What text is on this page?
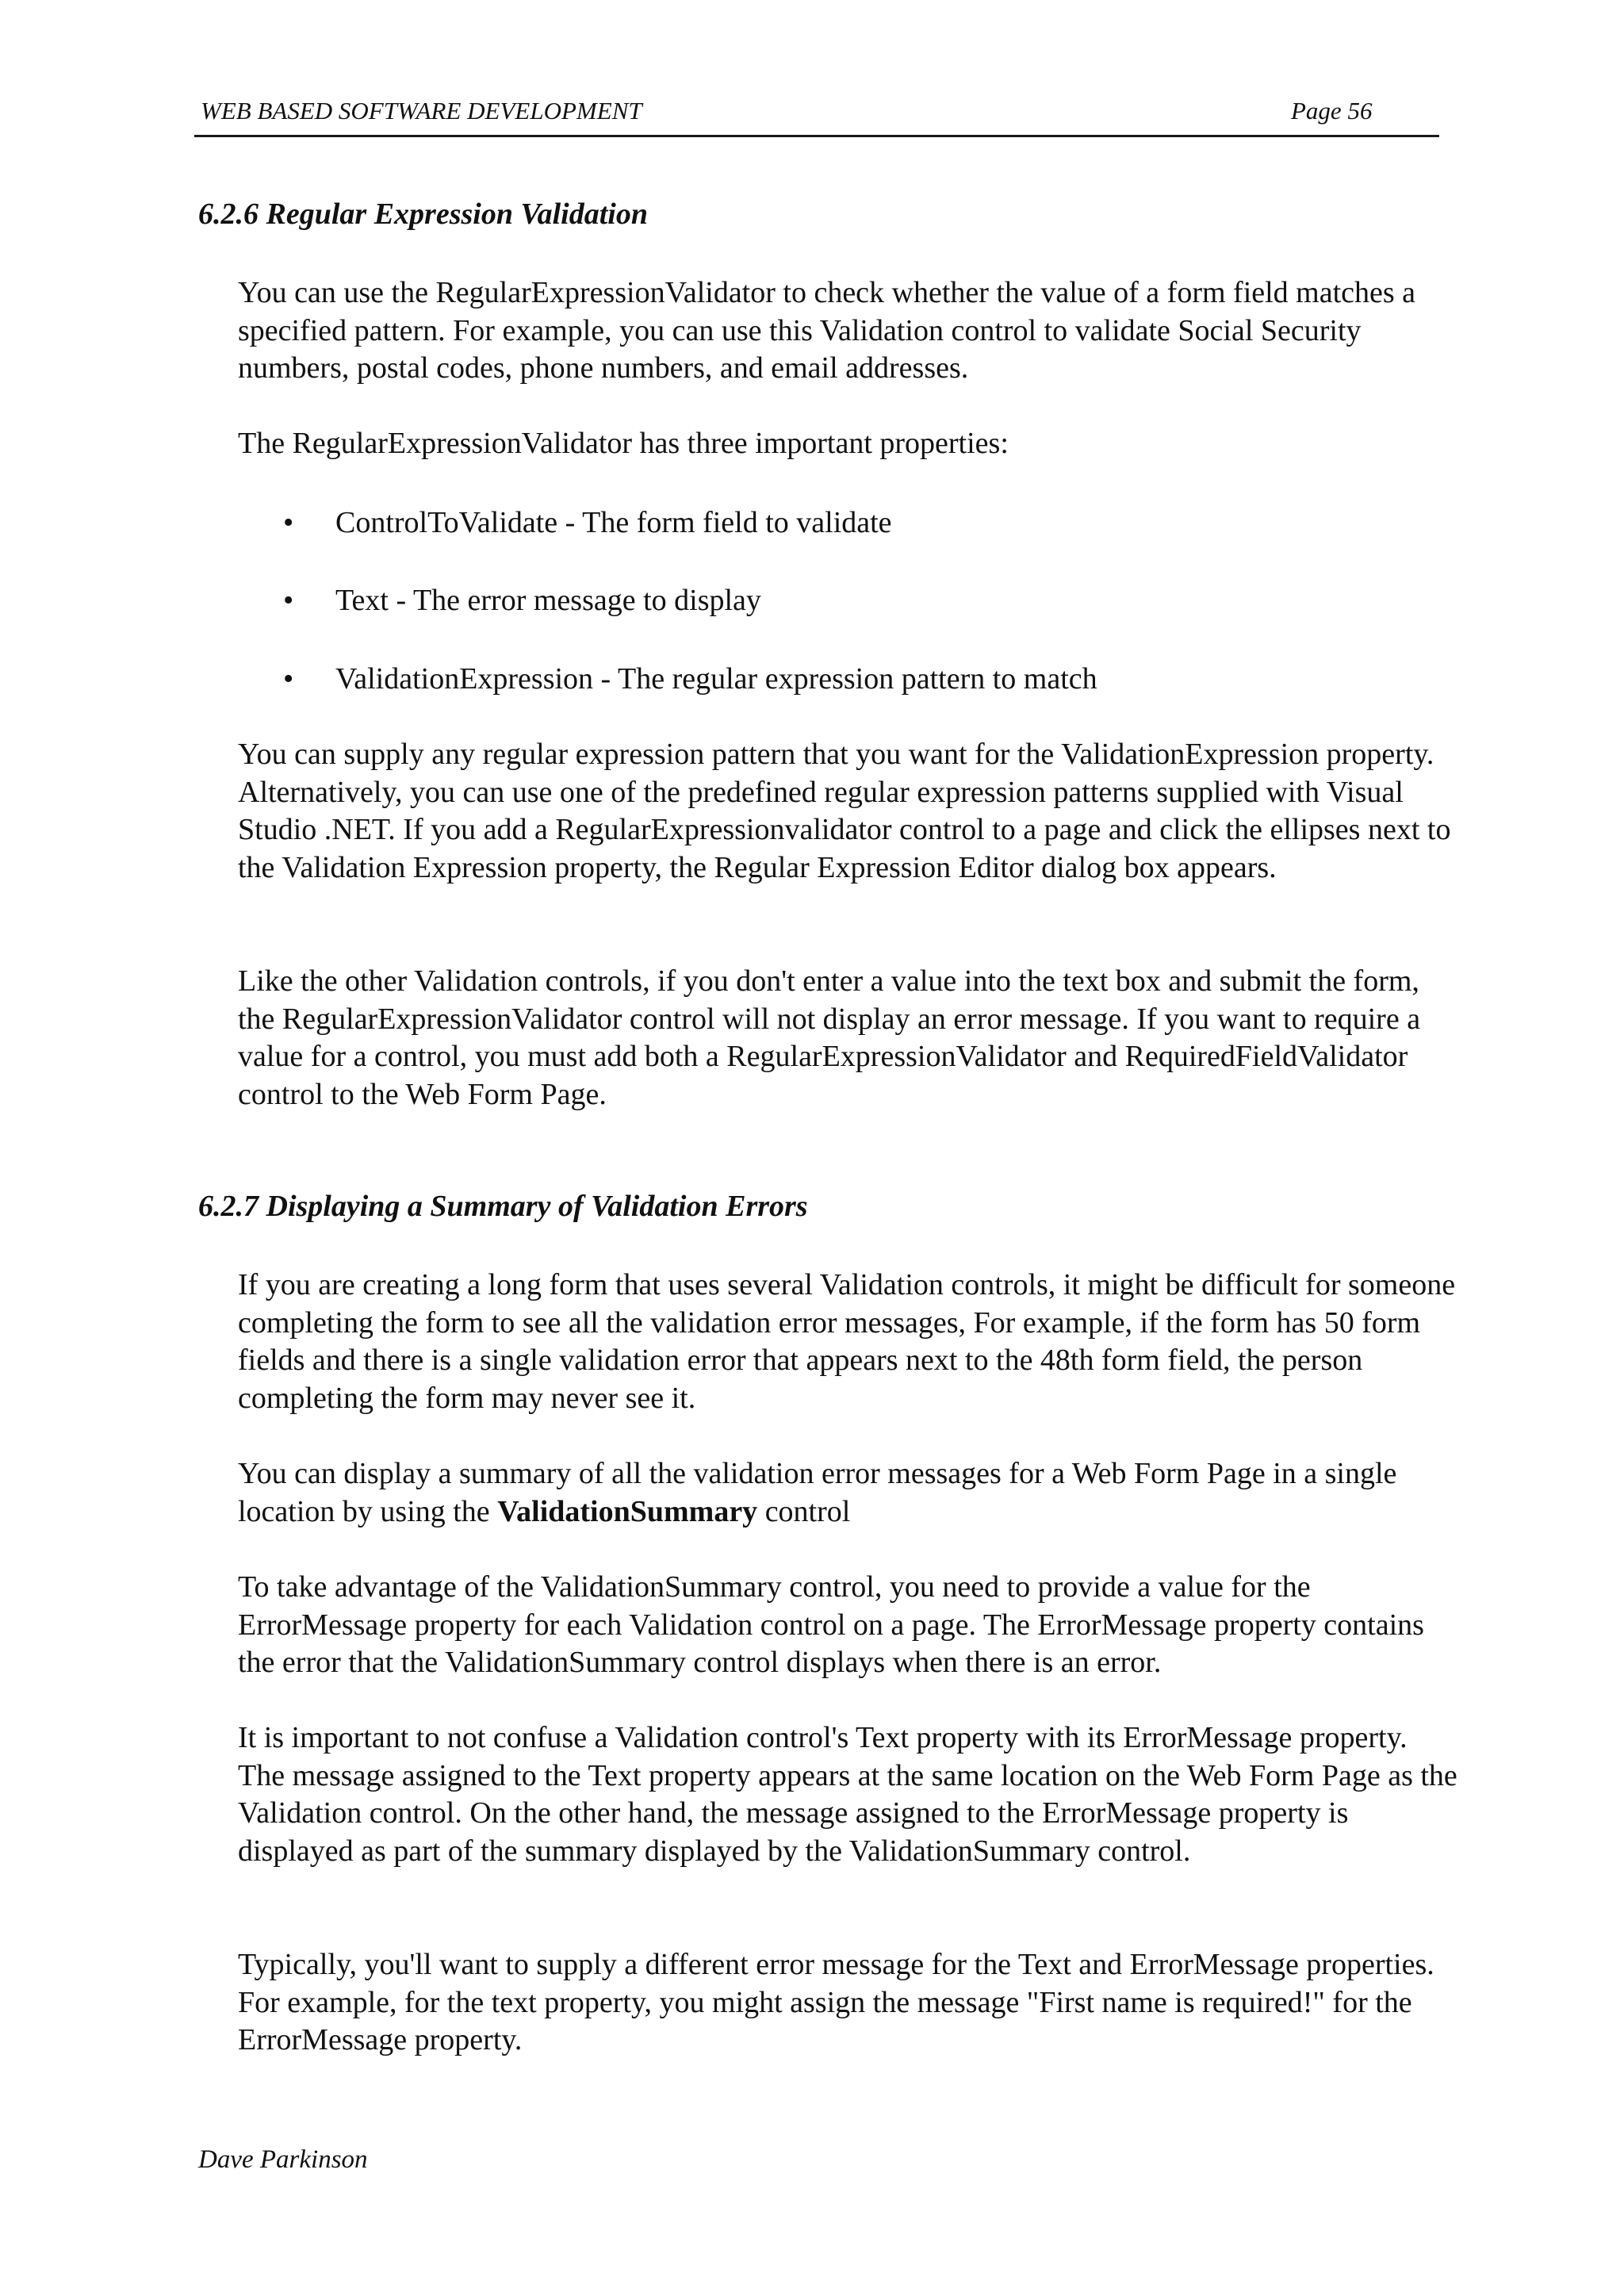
WEB BASED SOFTWARE DEVELOPMENT	Page 56
6.2.6 Regular Expression Validation

You can use the RegularExpressionValidator to check whether the value of a form field matches a specified pattern. For example, you can use this Validation control to validate Social Security numbers, postal codes, phone numbers, and email addresses.

The RegularExpressionValidator has three important properties:

• ControlToValidate - The form field to validate
• Text - The error message to display
• ValidationExpression - The regular expression pattern to match

You can supply any regular expression pattern that you want for the ValidationExpression property. Alternatively, you can use one of the predefined regular expression patterns supplied with Visual Studio .NET. If you add a RegularExpressionvalidator control to a page and click the ellipses next to the Validation Expression property, the Regular Expression Editor dialog box appears.

Like the other Validation controls, if you don't enter a value into the text box and submit the form, the RegularExpressionValidator control will not display an error message. If you want to require a value for a control, you must add both a RegularExpressionValidator and RequiredFieldValidator control to the Web Form Page.

6.2.7 Displaying a Summary of Validation Errors

If you are creating a long form that uses several Validation controls, it might be difficult for someone completing the form to see all the validation error messages, For example, if the form has 50 form fields and there is a single validation error that appears next to the 48th form field, the person completing the form may never see it.

You can display a summary of all the validation error messages for a Web Form Page in a single location by using the ValidationSummary control

To take advantage of the ValidationSummary control, you need to provide a value for the ErrorMessage property for each Validation control on a page. The ErrorMessage property contains the error that the ValidationSummary control displays when there is an error.

It is important to not confuse a Validation control's Text property with its ErrorMessage property. The message assigned to the Text property appears at the same location on the Web Form Page as the Validation control. On the other hand, the message assigned to the ErrorMessage property is displayed as part of the summary displayed by the ValidationSummary control.

Typically, you'll want to supply a different error message for the Text and ErrorMessage properties. For example, for the text property, you might assign the message "First name is required!" for the ErrorMessage property.

Dave Parkinson
